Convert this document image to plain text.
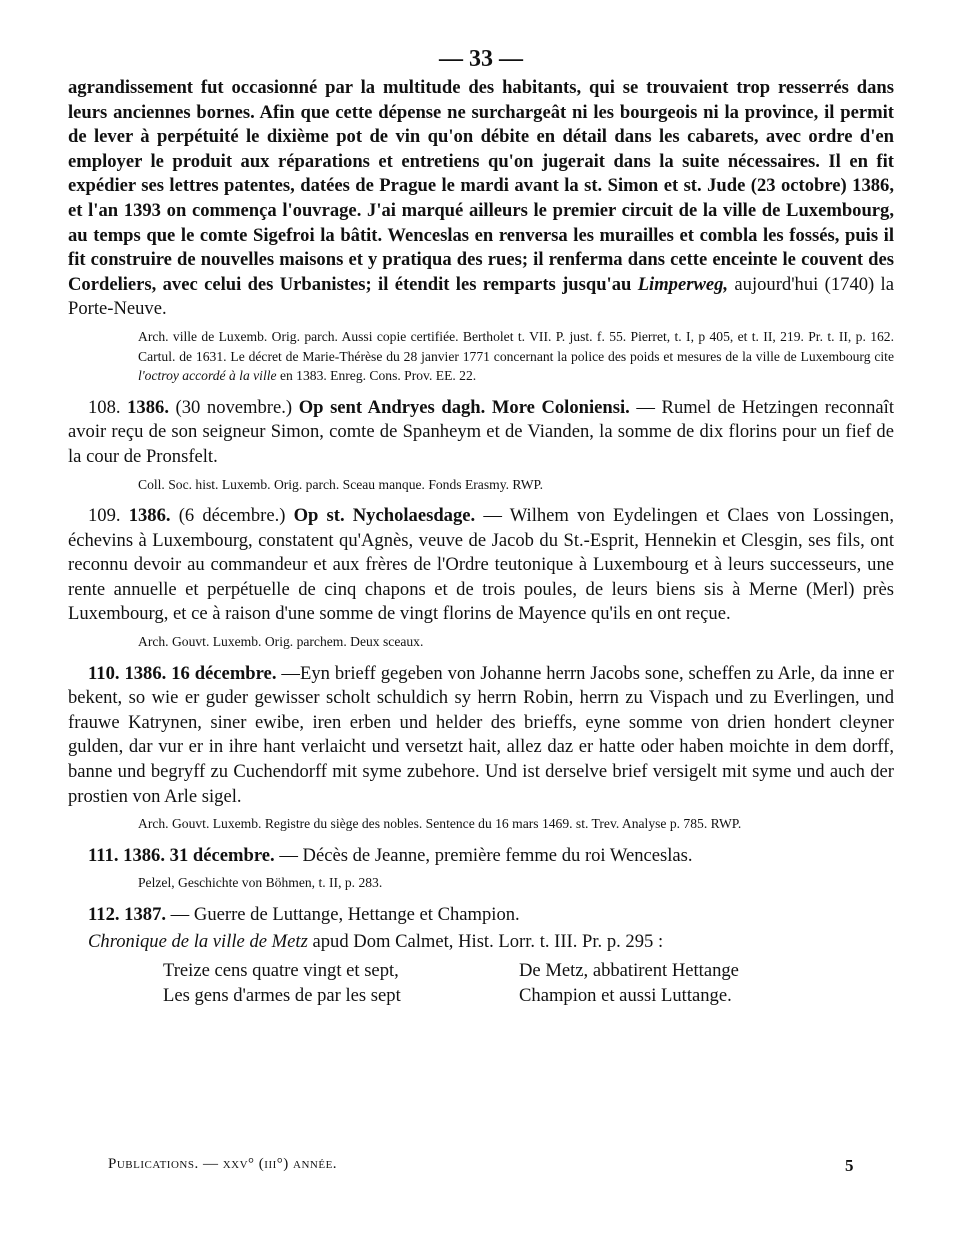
— 33 —

agrandissement fut occasionné par la multitude des habitants, qui se trouvaient trop resserrés dans leurs anciennes bornes. Afin que cette dépense ne surchargeât ni les bourgeois ni la province, il permit de lever à perpétuité le dixième pot de vin qu'on débite en détail dans les cabarets, avec ordre d'en employer le produit aux réparations et entretiens qu'on jugerait dans la suite nécessaires. Il en fit expédier ses lettres patentes, datées de Prague le mardi avant la st. Simon et st. Jude (23 octobre) 1386, et l'an 1393 on commença l'ouvrage. J'ai marqué ailleurs le premier circuit de la ville de Luxembourg, au temps que le comte Sigefroi la bâtit. Wenceslas en renversa les murailles et combla les fossés, puis il fit construire de nouvelles maisons et y pratiqua des rues; il renferma dans cette enceinte le couvent des Cordeliers, avec celui des Urbanistes; il étendit les remparts jusqu'au Limperweg, aujourd'hui (1740) la Porte-Neuve.

Arch. ville de Luxemb. Orig. parch. Aussi copie certifiée. Bertholet t. VII. P. just. f. 55. Pierret, t. I, p 405, et t. II, 219. Pr. t. II, p. 162. Cartul. de 1631. Le décret de Marie-Thérèse du 28 janvier 1771 concernant la police des poids et mesures de la ville de Luxembourg cite l'octroy accordé à la ville en 1383. Enreg. Cons. Prov. EE. 22.

108. 1386. (30 novembre.) Op sent Andryes dagh. More Coloniensi. — Rumel de Hetzingen reconnaît avoir reçu de son seigneur Simon, comte de Spanheym et de Vianden, la somme de dix florins pour un fief de la cour de Pronsfelt.

Coll. Soc. hist. Luxemb. Orig. parch. Sceau manque. Fonds Erasmy. RWP.

109. 1386. (6 décembre.) Op st. Nycholaesdage. — Wilhem von Eydelingen et Claes von Lossingen, échevins à Luxembourg, constatent qu'Agnès, veuve de Jacob du St.-Esprit, Hennekin et Clesgin, ses fils, ont reconnu devoir au commandeur et aux frères de l'Ordre teutonique à Luxembourg et à leurs successeurs, une rente annuelle et perpétuelle de cinq chapons et de trois poules, de leurs biens sis à Merne (Merl) près Luxembourg, et ce à raison d'une somme de vingt florins de Mayence qu'ils en ont reçue.

Arch. Gouvt. Luxemb. Orig. parchem. Deux sceaux.

110. 1386. 16 décembre. —Eyn brieff gegeben von Johanne herrn Jacobs sone, scheffen zu Arle, da inne er bekent, so wie er guder gewisser scholt schuldich sy herrn Robin, herrn zu Vispach und zu Everlingen, und frauwe Katrynen, siner ewibe, iren erben und helder des brieffs, eyne somme von drien hondert cleyner gulden, dar vur er in ihre hant verlaicht und versetzt hait, allez daz er hatte oder haben moichte in dem dorff, banne und begryff zu Cuchendorff mit syme zubehore. Und ist derselve brief versigelt mit syme und auch der prostien von Arle sigel.

Arch. Gouvt. Luxemb. Registre du siège des nobles. Sentence du 16 mars 1469. st. Trev. Analyse p. 785. RWP.

111. 1386. 31 décembre. — Décès de Jeanne, première femme du roi Wenceslas.

Pelzel, Geschichte von Böhmen, t. II, p. 283.

112. 1387. — Guerre de Luttange, Hettange et Champion.

Chronique de la ville de Metz apud Dom Calmet, Hist. Lorr. t. III. Pr. p. 295 :

Treize cens quatre vingt et sept,
Les gens d'armes de par les sept
De Metz, abbatirent Hettange
Champion et aussi Luttange.
Publications. — xxv° (iii°) année.	5
